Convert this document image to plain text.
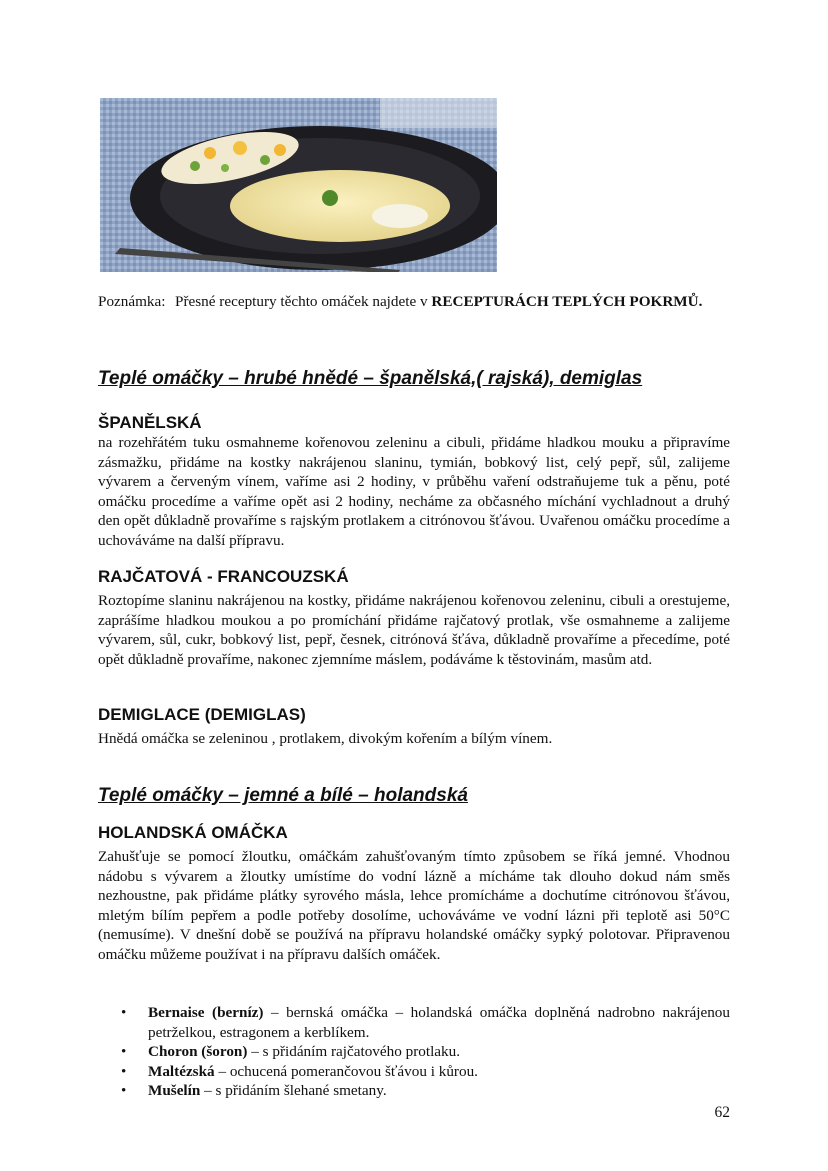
Poznámka: Přesné receptury těchto omáček najdete v RECEPTURÁCH TEPLÝCH POKRMŮ.
Teplé omáčky – hrubé hnědé – španělská,( rajská), demiglas
ŠPANĚLSKÁ
na rozehřátém tuku osmahneme kořenovou zeleninu a cibuli, přidáme hladkou mouku a připravíme zásmažku, přidáme na kostky nakrájenou slaninu, tymián, bobkový list, celý pepř, sůl, zalijeme vývarem a červeným vínem, vaříme asi 2 hodiny, v průběhu vaření odstraňujeme tuk a pěnu, poté omáčku procedíme a vaříme opět asi 2 hodiny, necháme za občasného míchání vychladnout a druhý den opět důkladně provaříme s rajským protlakem a citrónovou šťávou. Uvařenou omáčku procedíme a uchováváme na další přípravu.
RAJČATOVÁ - FRANCOUZSKÁ
Roztopíme slaninu nakrájenou na kostky, přidáme nakrájenou kořenovou zeleninu, cibuli a orestujeme, zaprášíme hladkou moukou a po promíchání přidáme rajčatový protlak, vše osmahneme a zalijeme vývarem, sůl, cukr, bobkový list, pepř, česnek, citrónová šťáva, důkladně provaříme a přecedíme, poté opět důkladně provaříme, nakonec zjemníme máslem, podáváme k těstovinám, masům atd.
DEMIGLACE (DEMIGLAS)
Hnědá omáčka se zeleninou , protlakem, divokým kořením a bílým vínem.
Teplé omáčky – jemné a bílé – holandská
HOLANDSKÁ OMÁČKA
Zahušťuje se pomocí žloutku, omáčkám zahušťovaným tímto způsobem se říká jemné. Vhodnou nádobu s vývarem a žloutky umístíme do vodní lázně a mícháme tak dlouho dokud nám směs nezhoustne, pak přidáme plátky syrového másla, lehce promícháme a dochutíme citrónovou šťávou, mletým bílím pepřem a podle potřeby dosolíme, uchováváme ve vodní lázni při teplotě asi 50°C (nemusíme). V dnešní době se používá na přípravu holandské omáčky sypký polotovar. Připravenou omáčku můžeme používat i na přípravu dalších omáček.
• Bernaise (berníz) – bernská omáčka – holandská omáčka doplněná nadrobno nakrájenou petrželkou, estragonem a kerblíkem.
• Choron (šoron) – s přidáním rajčatového protlaku.
• Maltézská – ochucená pomerančovou šťávou i kůrou.
• Mušelín – s přidáním šlehané smetany.
62
